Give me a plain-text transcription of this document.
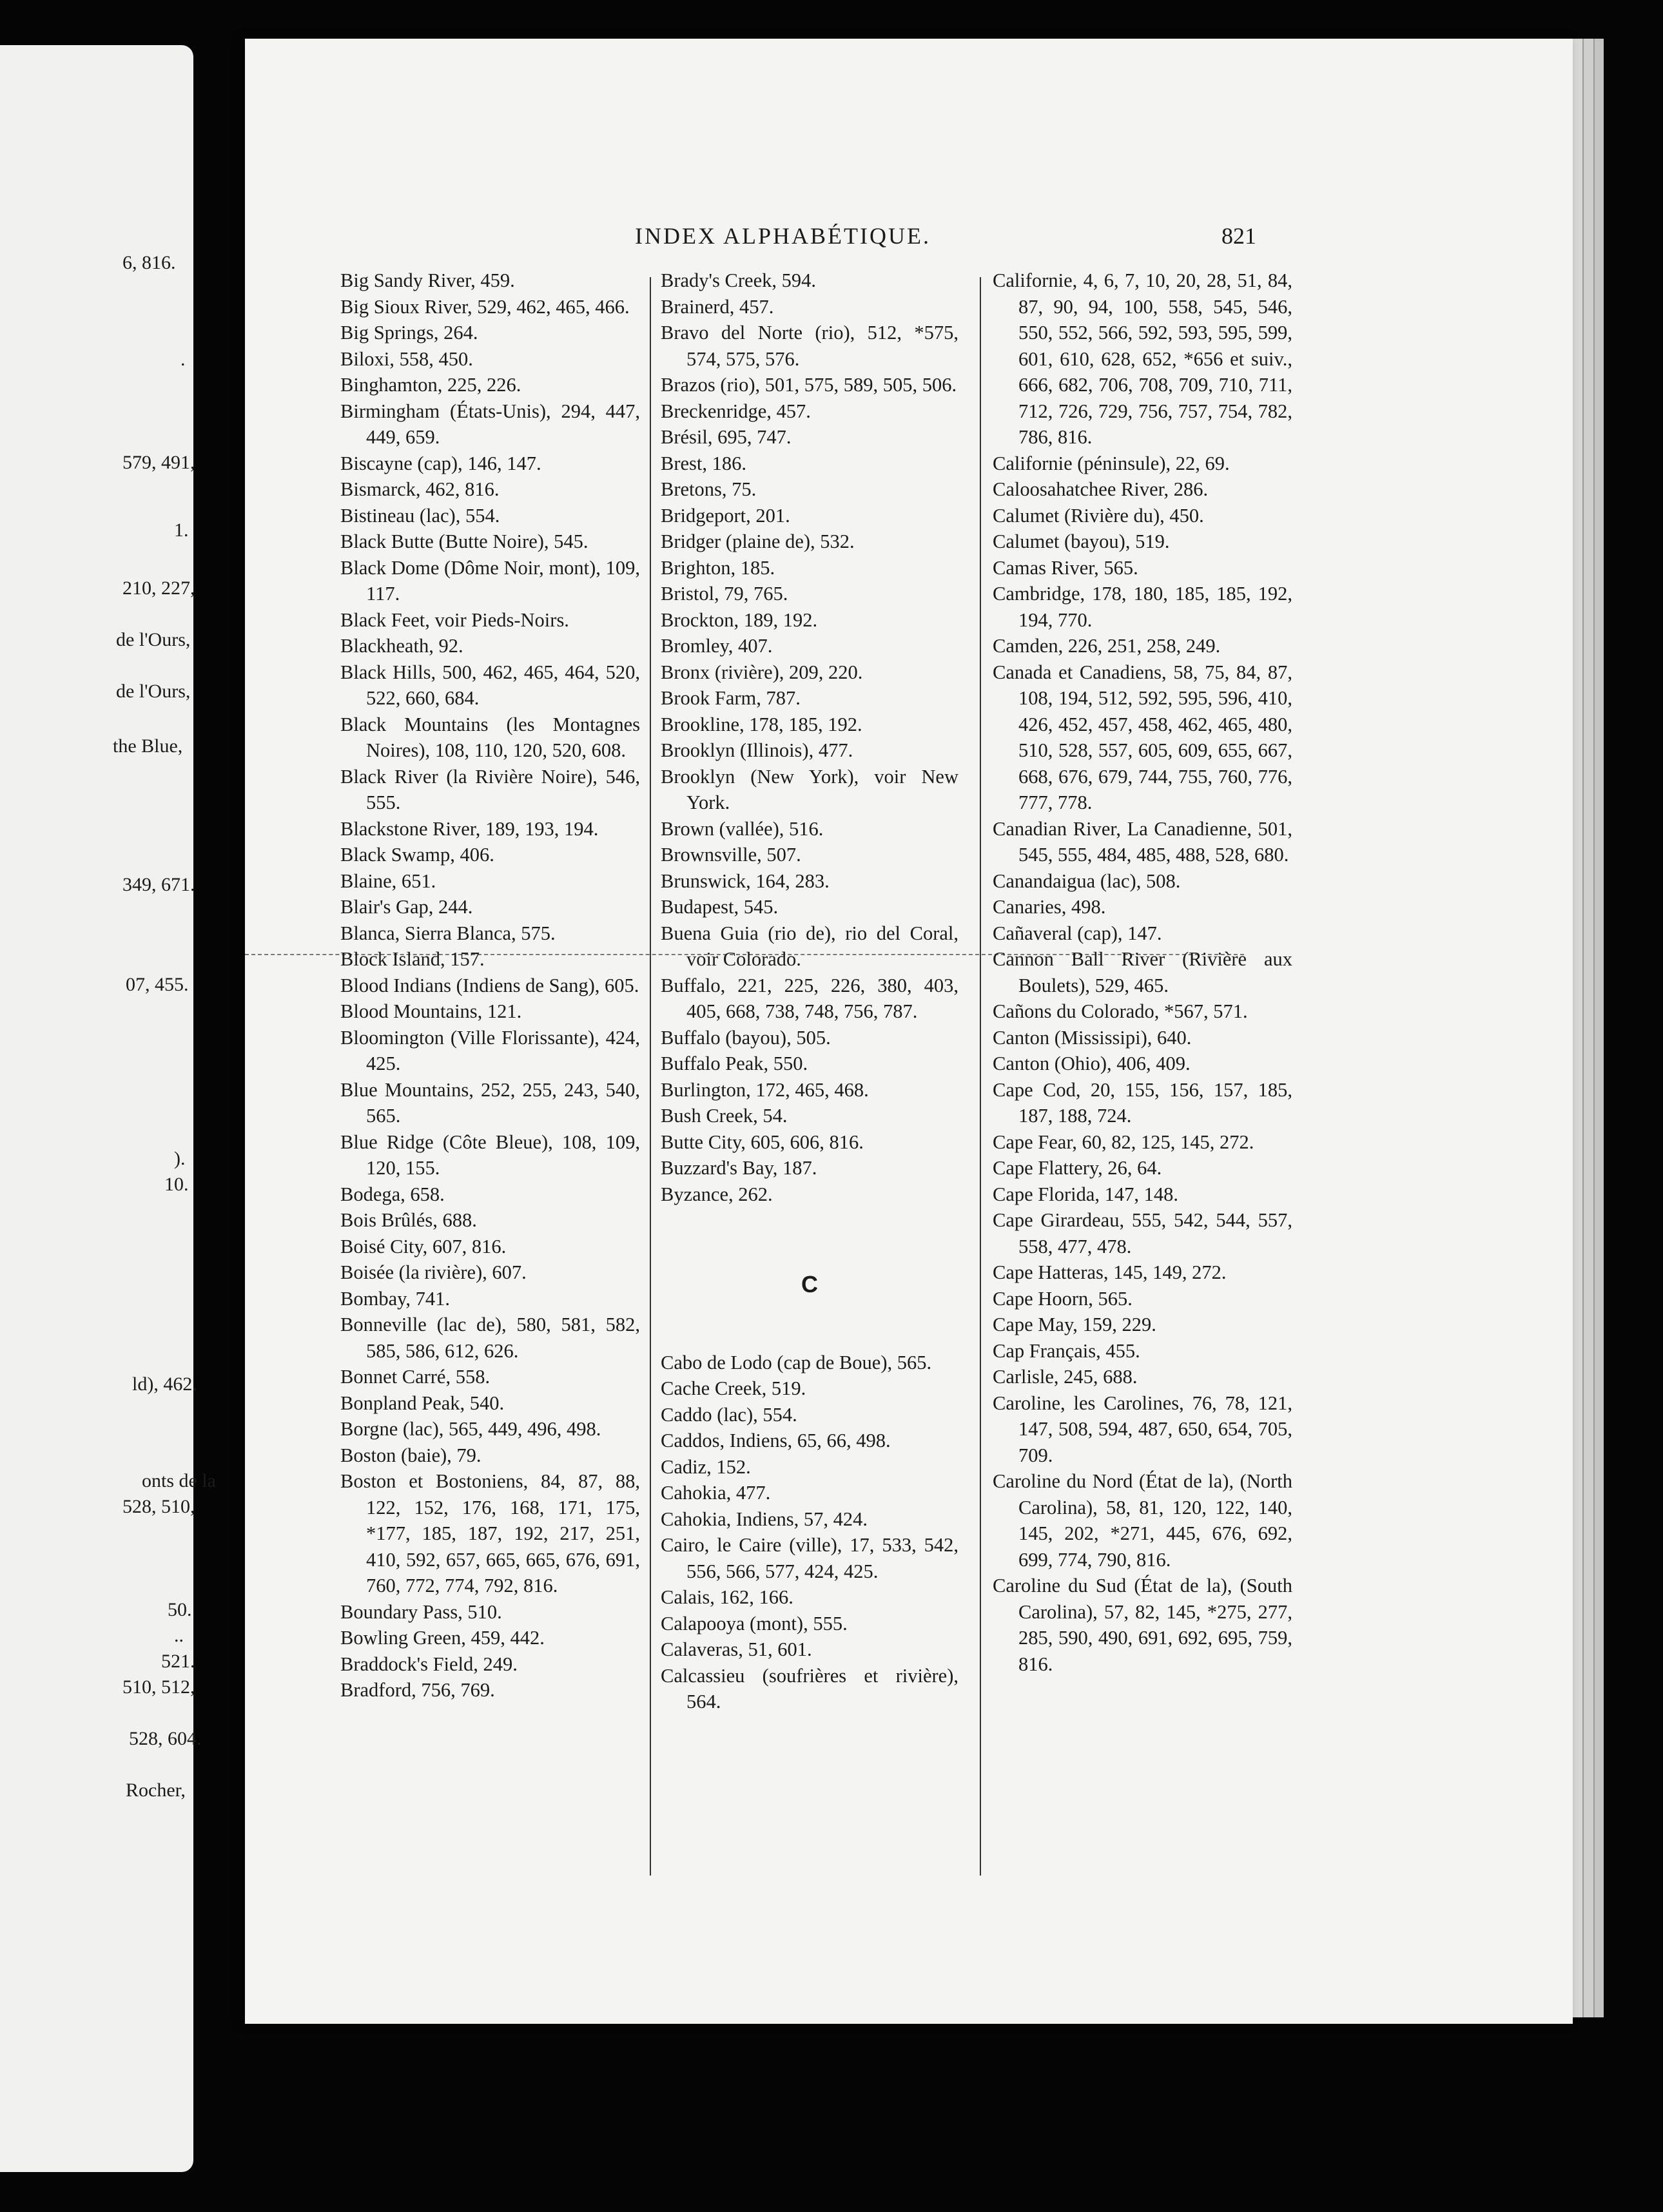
6, 816.
.
579, 491,
1.
210, 227,
de l'Ours,
de l'Ours,
the Blue,
349, 671.
07, 455.
).
10.
ld), 462.
onts de la
528, 510,
50.
..
521.
510, 512,
528, 604.
Rocher,
INDEX ALPHABÉTIQUE.	821
Big Sandy River, 459.
Big Sioux River, 529, 462, 465, 466.
Big Springs, 264.
Biloxi, 558, 450.
Binghamton, 225, 226.
Birmingham (États-Unis), 294, 447, 449, 659.
Biscayne (cap), 146, 147.
Bismarck, 462, 816.
Bistineau (lac), 554.
Black Butte (Butte Noire), 545.
Black Dome (Dôme Noir, mont), 109, 117.
Black Feet, voir Pieds-Noirs.
Blackheath, 92.
Black Hills, 500, 462, 465, 464, 520, 522, 660, 684.
Black Mountains (les Montagnes Noires), 108, 110, 120, 520, 608.
Black River (la Rivière Noire), 546, 555.
Blackstone River, 189, 193, 194.
Black Swamp, 406.
Blaine, 651.
Blair's Gap, 244.
Blanca, Sierra Blanca, 575.
Block Island, 157.
Blood Indians (Indiens de Sang), 605.
Blood Mountains, 121.
Bloomington (Ville Florissante), 424, 425.
Blue Mountains, 252, 255, 243, 540, 565.
Blue Ridge (Côte Bleue), 108, 109, 120, 155.
Bodega, 658.
Bois Brûlés, 688.
Boisé City, 607, 816.
Boisée (la rivière), 607.
Bombay, 741.
Bonneville (lac de), 580, 581, 582, 585, 586, 612, 626.
Bonnet Carré, 558.
Bonpland Peak, 540.
Borgne (lac), 565, 449, 496, 498.
Boston (baie), 79.
Boston et Bostoniens, 84, 87, 88, 122, 152, 176, 168, 171, 175, *177, 185, 187, 192, 217, 251, 410, 592, 657, 665, 665, 676, 691, 760, 772, 774, 792, 816.
Boundary Pass, 510.
Bowling Green, 459, 442.
Braddock's Field, 249.
Bradford, 756, 769.
Brady's Creek, 594.
Brainerd, 457.
Bravo del Norte (rio), 512, *575, 574, 575, 576.
Brazos (rio), 501, 575, 589, 505, 506.
Breckenridge, 457.
Brésil, 695, 747.
Brest, 186.
Bretons, 75.
Bridgeport, 201.
Bridger (plaine de), 532.
Brighton, 185.
Bristol, 79, 765.
Brockton, 189, 192.
Bromley, 407.
Bronx (rivière), 209, 220.
Brook Farm, 787.
Brookline, 178, 185, 192.
Brooklyn (Illinois), 477.
Brooklyn (New York), voir New York.
Brown (vallée), 516.
Brownsville, 507.
Brunswick, 164, 283.
Budapest, 545.
Buena Guia (rio de), rio del Coral, voir Colorado.
Buffalo, 221, 225, 226, 380, 403, 405, 668, 738, 748, 756, 787.
Buffalo (bayou), 505.
Buffalo Peak, 550.
Burlington, 172, 465, 468.
Bush Creek, 54.
Butte City, 605, 606, 816.
Buzzard's Bay, 187.
Byzance, 262.
C
Cabo de Lodo (cap de Boue), 565.
Cache Creek, 519.
Caddo (lac), 554.
Caddos, Indiens, 65, 66, 498.
Cadiz, 152.
Cahokia, 477.
Cahokia, Indiens, 57, 424.
Cairo, le Caire (ville), 17, 533, 542, 556, 566, 577, 424, 425.
Calais, 162, 166.
Calapooya (mont), 555.
Calaveras, 51, 601.
Calcassieu (soufrières et rivière), 564.
Californie, 4, 6, 7, 10, 20, 28, 51, 84, 87, 90, 94, 100, 558, 545, 546, 550, 552, 566, 592, 593, 595, 599, 601, 610, 628, 652, *656 et suiv., 666, 682, 706, 708, 709, 710, 711, 712, 726, 729, 756, 757, 754, 782, 786, 816.
Californie (péninsule), 22, 69.
Caloosahatchee River, 286.
Calumet (Rivière du), 450.
Calumet (bayou), 519.
Camas River, 565.
Cambridge, 178, 180, 185, 185, 192, 194, 770.
Camden, 226, 251, 258, 249.
Canada et Canadiens, 58, 75, 84, 87, 108, 194, 512, 592, 595, 596, 410, 426, 452, 457, 458, 462, 465, 480, 510, 528, 557, 605, 609, 655, 667, 668, 676, 679, 744, 755, 760, 776, 777, 778.
Canadian River, La Canadienne, 501, 545, 555, 484, 485, 488, 528, 680.
Canandaigua (lac), 508.
Canaries, 498.
Cañaveral (cap), 147.
Cannon Ball River (Rivière aux Boulets), 529, 465.
Cañons du Colorado, *567, 571.
Canton (Mississipi), 640.
Canton (Ohio), 406, 409.
Cape Cod, 20, 155, 156, 157, 185, 187, 188, 724.
Cape Fear, 60, 82, 125, 145, 272.
Cape Flattery, 26, 64.
Cape Florida, 147, 148.
Cape Girardeau, 555, 542, 544, 557, 558, 477, 478.
Cape Hatteras, 145, 149, 272.
Cape Hoorn, 565.
Cape May, 159, 229.
Cap Français, 455.
Carlisle, 245, 688.
Caroline, les Carolines, 76, 78, 121, 147, 508, 594, 487, 650, 654, 705, 709.
Caroline du Nord (État de la), (North Carolina), 58, 81, 120, 122, 140, 145, 202, *271, 445, 676, 692, 699, 774, 790, 816.
Caroline du Sud (État de la), (South Carolina), 57, 82, 145, *275, 277, 285, 590, 490, 691, 692, 695, 759, 816.
